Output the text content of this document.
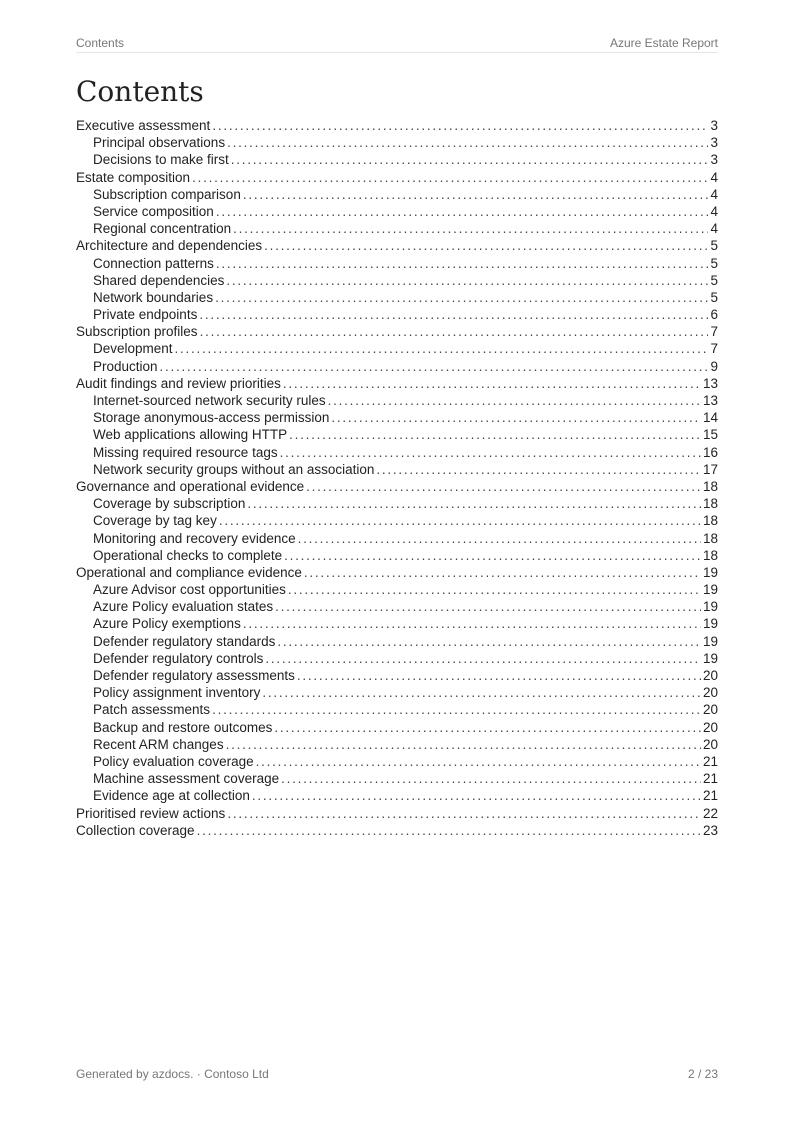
Contents	Azure Estate Report
Contents
Executive assessment . . .	3
Principal observations . . .	3
Decisions to make first . . .	3
Estate composition . . .	4
Subscription comparison . . .	4
Service composition . . .	4
Regional concentration . . .	4
Architecture and dependencies . . .	5
Connection patterns . . .	5
Shared dependencies . . .	5
Network boundaries . . .	5
Private endpoints . . .	6
Subscription profiles . . .	7
Development . . .	7
Production . . .	9
Audit findings and review priorities . . .	13
Internet-sourced network security rules . . .	13
Storage anonymous-access permission . . .	14
Web applications allowing HTTP . . .	15
Missing required resource tags . . .	16
Network security groups without an association . . .	17
Governance and operational evidence . . .	18
Coverage by subscription . . .	18
Coverage by tag key . . .	18
Monitoring and recovery evidence . . .	18
Operational checks to complete . . .	18
Operational and compliance evidence . . .	19
Azure Advisor cost opportunities . . .	19
Azure Policy evaluation states . . .	19
Azure Policy exemptions . . .	19
Defender regulatory standards . . .	19
Defender regulatory controls . . .	19
Defender regulatory assessments . . .	20
Policy assignment inventory . . .	20
Patch assessments . . .	20
Backup and restore outcomes . . .	20
Recent ARM changes . . .	20
Policy evaluation coverage . . .	21
Machine assessment coverage . . .	21
Evidence age at collection . . .	21
Prioritised review actions . . .	22
Collection coverage . . .	23
Generated by azdocs. · Contoso Ltd	2 / 23
